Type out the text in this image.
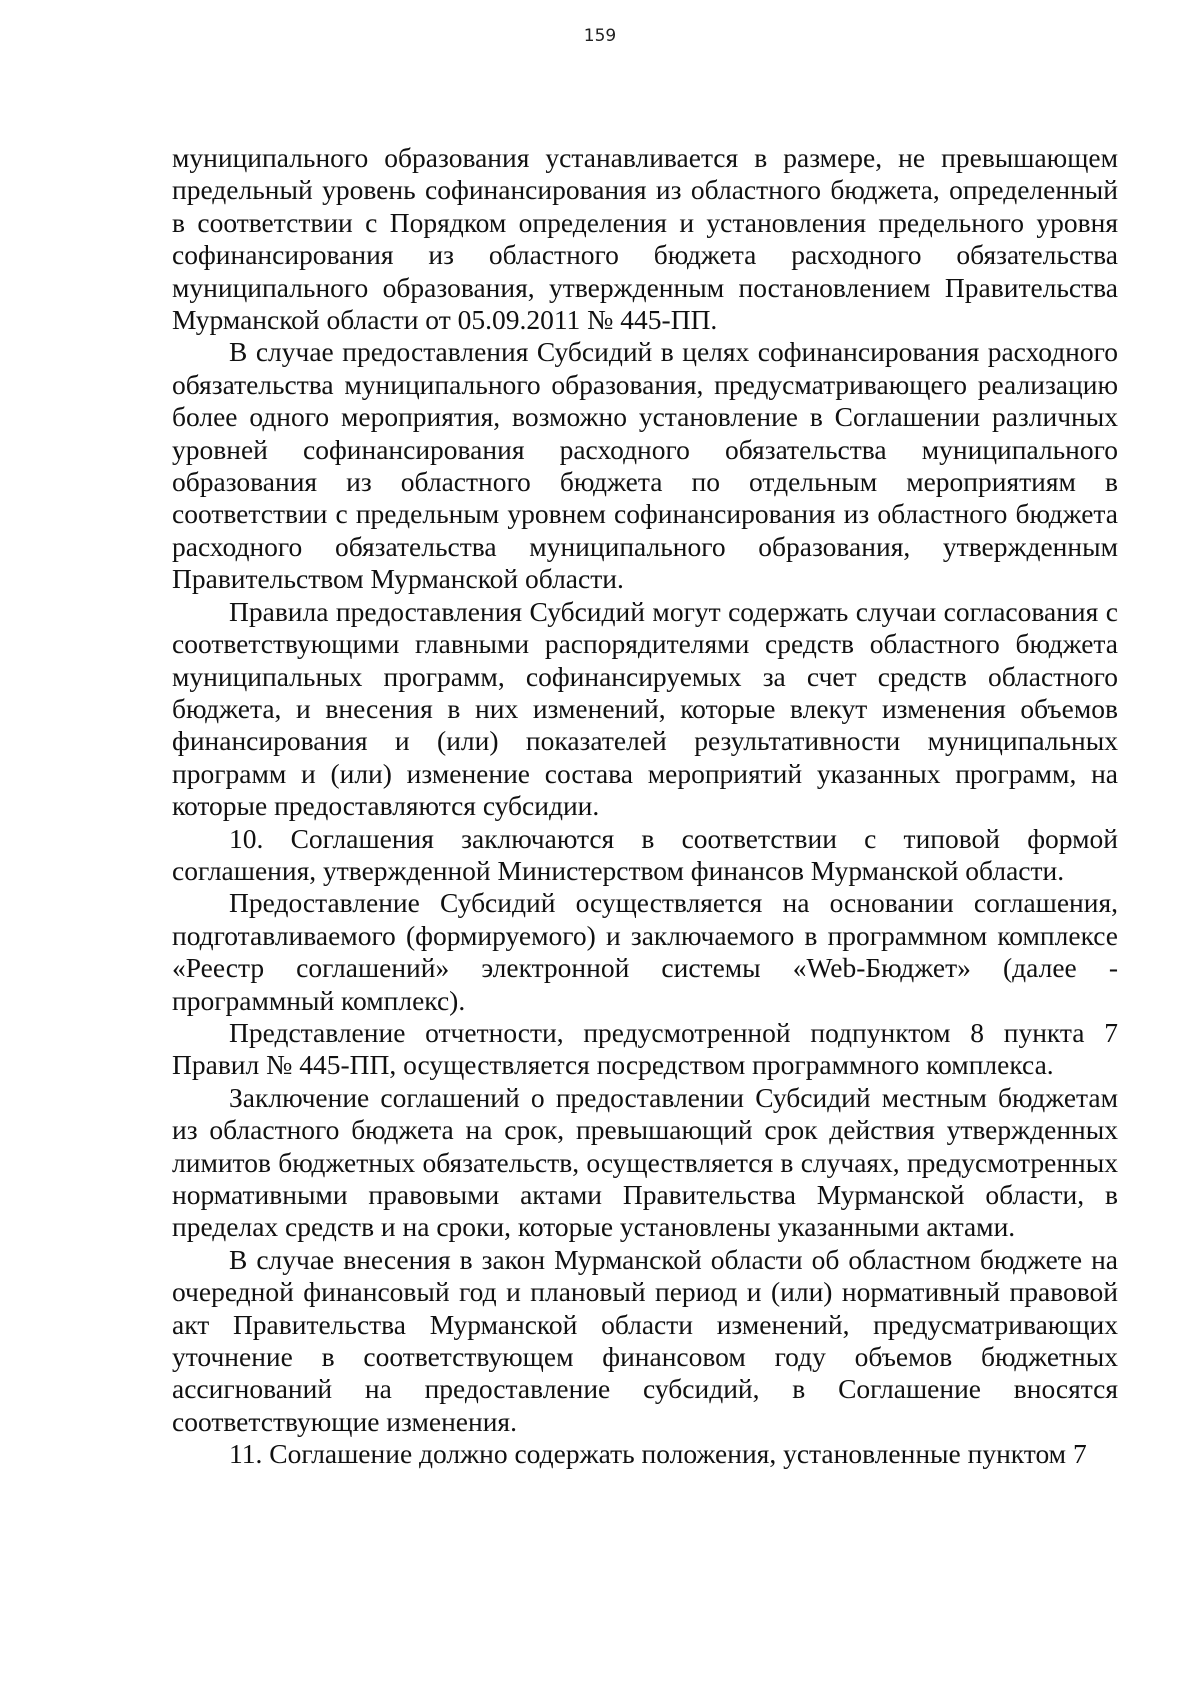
159

муниципального образования устанавливается в размере, не превышающем предельный уровень софинансирования из областного бюджета, определенный в соответствии с Порядком определения и установления предельного уровня софинансирования из областного бюджета расходного обязательства муниципального образования, утвержденным постановлением Правительства Мурманской области от 05.09.2011 № 445-ПП.

В случае предоставления Субсидий в целях софинансирования расходного обязательства муниципального образования, предусматривающего реализацию более одного мероприятия, возможно установление в Соглашении различных уровней софинансирования расходного обязательства муниципального образования из областного бюджета по отдельным мероприятиям в соответствии с предельным уровнем софинансирования из областного бюджета расходного обязательства муниципального образования, утвержденным Правительством Мурманской области.

Правила предоставления Субсидий могут содержать случаи согласования с соответствующими главными распорядителями средств областного бюджета муниципальных программ, софинансируемых за счет средств областного бюджета, и внесения в них изменений, которые влекут изменения объемов финансирования и (или) показателей результативности муниципальных программ и (или) изменение состава мероприятий указанных программ, на которые предоставляются субсидии.

10. Соглашения заключаются в соответствии с типовой формой соглашения, утвержденной Министерством финансов Мурманской области.

Предоставление Субсидий осуществляется на основании соглашения, подготавливаемого (формируемого) и заключаемого в программном комплексе «Реестр соглашений» электронной системы «Web-Бюджет» (далее - программный комплекс).

Представление отчетности, предусмотренной подпунктом 8 пункта 7 Правил № 445-ПП, осуществляется посредством программного комплекса.

Заключение соглашений о предоставлении Субсидий местным бюджетам из областного бюджета на срок, превышающий срок действия утвержденных лимитов бюджетных обязательств, осуществляется в случаях, предусмотренных нормативными правовыми актами Правительства Мурманской области, в пределах средств и на сроки, которые установлены указанными актами.

В случае внесения в закон Мурманской области об областном бюджете на очередной финансовый год и плановый период и (или) нормативный правовой акт Правительства Мурманской области изменений, предусматривающих уточнение в соответствующем финансовом году объемов бюджетных ассигнований на предоставление субсидий, в Соглашение вносятся соответствующие изменения.

11. Соглашение должно содержать положения, установленные пунктом 7
